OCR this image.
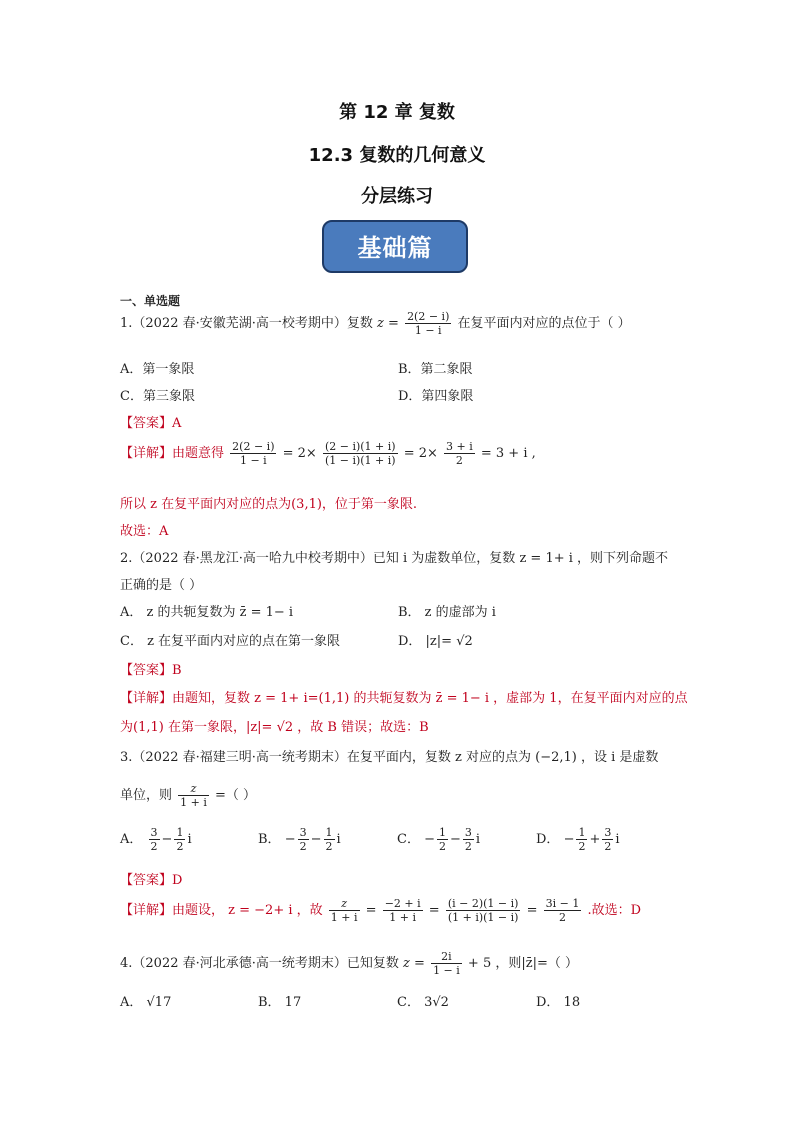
第 12 章 复数
12.3 复数的几何意义
分层练习
基础篇
一、单选题
1.（2022 春·安徽芜湖·高一校考期中）复数 $z = \frac{2(2 - i)}{1 - i}$ 在复平面内对应的点位于（ ）
A．第一象限	B．第二象限
C．第三象限	D．第四象限
【答案】A
【详解】由题意得 $\frac{2(2 - i)}{1 - i} = 2\times \frac{(2 - i)(1 + i)}{(1 - i)(1 + i)} = 2\times \frac{3 + i}{2} = 3 + i$ ,
所以 z 在复平面内对应的点为(3,1)，位于第一象限.
故选：A
2.（2022 春·黑龙江·高一哈九中校考期中）已知 i 为虚数单位，复数 z = 1+ i ，则下列命题不
正确的是（ ）
A． z 的共轭复数为 z̄ = 1− i	B． z 的虚部为 i
C． z 在复平面内对应的点在第一象限	D． |z|= √2
【答案】B
【详解】由题知，复数 z = 1+ i=(1,1) 的共轭复数为 z̄ = 1− i ，虚部为 1，在复平面内对应的点
为(1,1) 在第一象限，|z|= √2 ，故 B 错误；故选：B
3.（2022 春·福建三明·高一统考期末）在复平面内，复数 z 对应的点为 (−2,1) ，设 i 是虚数
单位，则 $\frac{z}{1 + i}$ =（ ）
A． $\frac{3}{2} - \frac{1}{2}$ i	B． − $\frac{3}{2} - \frac{1}{2}$ i	C． − $\frac{1}{2} - \frac{3}{2}$ i	D． − $\frac{1}{2} + \frac{3}{2}$ i
【答案】D
【详解】由题设， z = −2+ i ，故 $\frac{z}{1 + i} = \frac{-2 + i}{1 + i} = \frac{(i - 2)(1 - i)}{(1 + i)(1 - i)} = \frac{3i - 1}{2}$ .故选：D
4.（2022 春·河北承德·高一统考期末）已知复数 $z = \frac{2i}{1 - i} + 5$ ，则|z̄|=（ ）
A． √17	B． 17	C． 3√2	D． 18
